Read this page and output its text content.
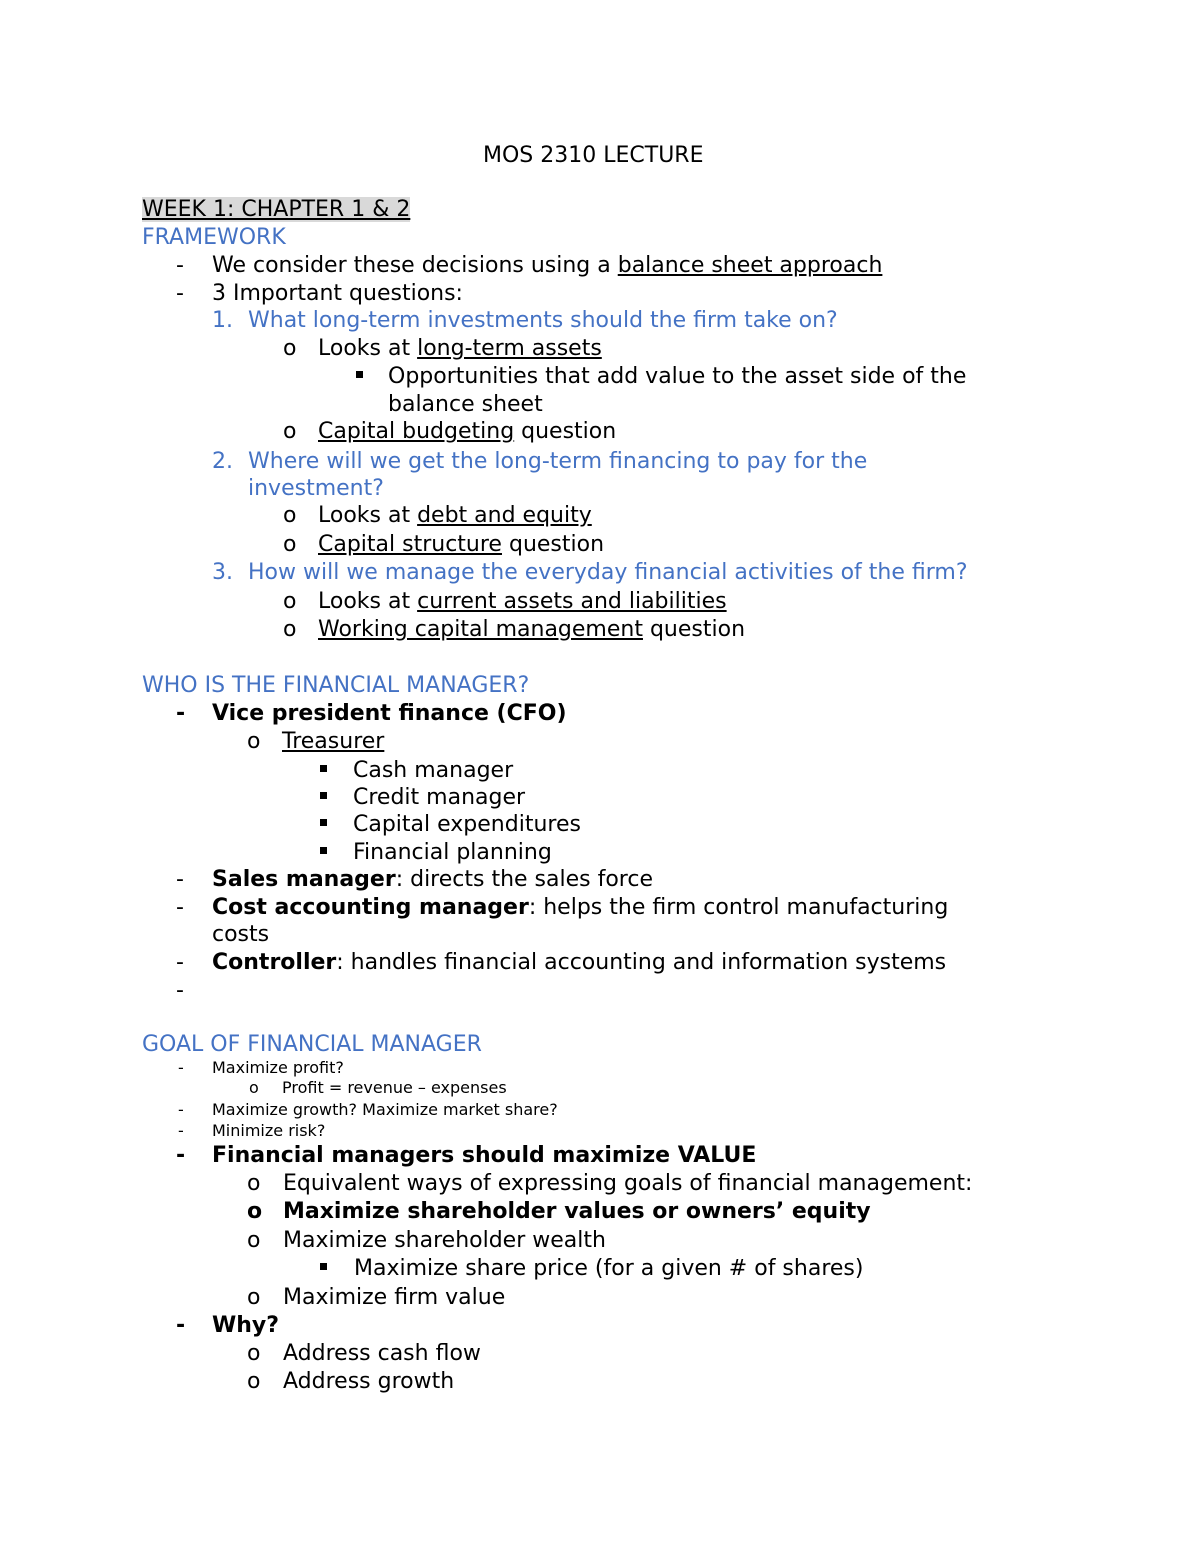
MOS 2310 LECTURE
WEEK 1: CHAPTER 1 & 2
FRAMEWORK
- We consider these decisions using a balance sheet approach
- 3 Important questions:
1. What long-term investments should the firm take on?
o Looks at long-term assets
Opportunities that add value to the asset side of the
balance sheet
o Capital budgeting question
2. Where will we get the long-term financing to pay for the
investment?
o Looks at debt and equity
o Capital structure question
3. How will we manage the everyday financial activities of the firm?
o Looks at current assets and liabilities
o Working capital management question
WHO IS THE FINANCIAL MANAGER?
- Vice president finance (CFO)
o Treasurer
Cash manager
Credit manager
Capital expenditures
Financial planning
- Sales manager: directs the sales force
- Cost accounting manager: helps the firm control manufacturing
costs
- Controller: handles financial accounting and information systems
-
GOAL OF FINANCIAL MANAGER
- Maximize profit?
o Profit = revenue – expenses
- Maximize growth? Maximize market share?
- Minimize risk?
- Financial managers should maximize VALUE
o Equivalent ways of expressing goals of financial management:
o Maximize shareholder values or owners’ equity
o Maximize shareholder wealth
Maximize share price (for a given # of shares)
o Maximize firm value
- Why?
o Address cash flow
o Address growth
